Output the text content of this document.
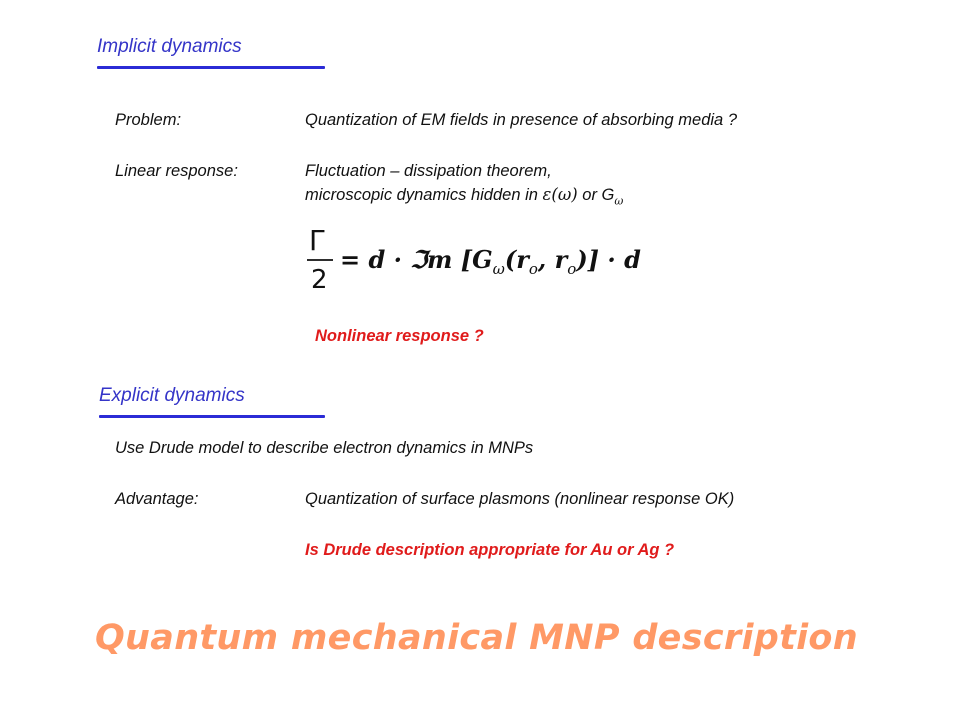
Implicit dynamics
Problem:	Quantization of EM fields in presence of absorbing media ?
Linear response:	Fluctuation – dissipation theorem,
microscopic dynamics hidden in ε(ω) or $G_\omega$
Γ
2
= d · ℑm [$G_\omega(r_o$, $r_o)] \cdot d$
Nonlinear response ?
Explicit dynamics
Use Drude model to describe electron dynamics in MNPs
Advantage:	Quantization of surface plasmons (nonlinear response OK)
Is Drude description appropriate for Au or Ag ?
Quantum mechanical MNP description
